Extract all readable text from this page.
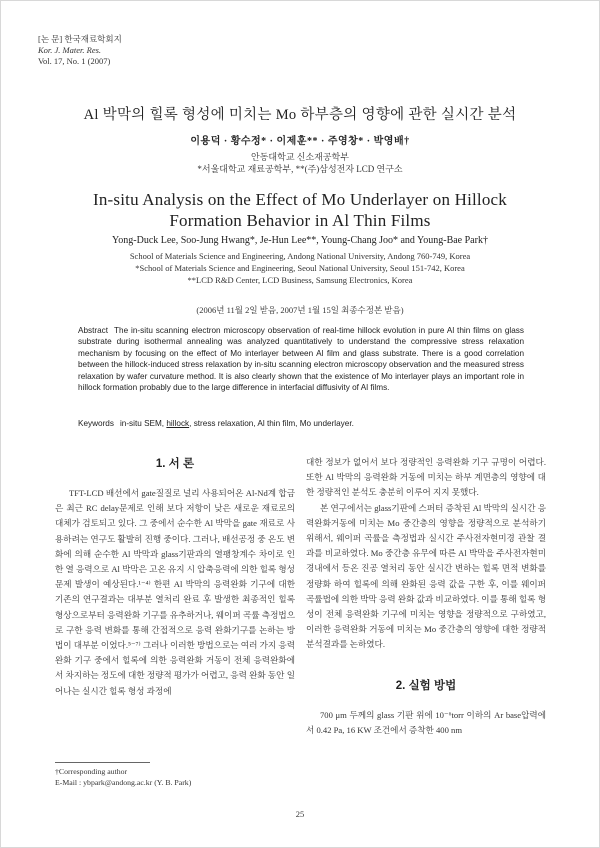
[논 문] 한국재료학회지
Kor. J. Mater. Res.
Vol. 17, No. 1 (2007)
Al 박막의 힐록 형성에 미치는 Mo 하부층의 영향에 관한 실시간 분석
이용덕 · 황수정* · 이제훈** · 주영창* · 박영배†
안동대학교 신소재공학부
*서울대학교 재료공학부, **(주)삼성전자 LCD 연구소
In-situ Analysis on the Effect of Mo Underlayer on Hillock
Formation Behavior in Al Thin Films
Yong-Duck Lee, Soo-Jung Hwang*, Je-Hun Lee**, Young-Chang Joo* and Young-Bae Park†
School of Materials Science and Engineering, Andong National University, Andong 760-749, Korea
*School of Materials Science and Engineering, Seoul National University, Seoul 151-742, Korea
**LCD R&D Center, LCD Business, Samsung Electronics, Korea
(2006년 11월 2일 받음, 2007년 1월 15일 최종수정본 받음)
Abstract The in-situ scanning electron microscopy observation of real-time hillock evolution in pure Al thin films on glass substrate during isothermal annealing was analyzed quantitatively to understand the compressive stress relaxation mechanism by focusing on the effect of Mo interlayer between Al film and glass substrate. There is a good correlation between the hillock-induced stress relaxation by in-situ scanning electron microscopy observation and the measured stress relaxation by wafer curvature method. It is also clearly shown that the existence of Mo interlayer plays an important role in hillock formation probably due to the large difference in interfacial diffusivity of Al films.
Keywords in-situ SEM, hillock, stress relaxation, Al thin film, Mo underlayer.
1. 서 론

TFT-LCD 배선에서 gate질질로 널리 사용되어온 Al-Nd계 합금은 최근 RC delay문제로 인해 보다 저항이 낮은 새로운 재료로의 대체가 검토되고 있다. 그 중에서 순수한 Al 박막을 gate 재료로 사용하려는 연구도 활발히 진행 중이다. 그러나, 배선공정 중 온도 변화에 의해 순수한 Al 박막과 glass기판과의 열팽창계수 차이로 인한 열 응력으로 Al 박막은 고온 유지 시 압축응력에 의한 힐록 형성 문제 발생이 예상된다.¹⁻⁴⁾ 한편 Al 박막의 응력완화 기구에 대한 기존의 연구결과는 대부분 열처리 완료 후 발생한 최종적인 힐록 형상으로부터 응력완화 기구를 유추하거나, 웨이퍼 곡률 측정법으로 구한 응력 변화를 통해 간접적으로 응력 완화기구를 논하는 방법이 대부분 이었다.⁵⁻⁷⁾ 그러나 이러한 방법으로는 여러 가지 응력완화 기구 중에서 힐록에 의한 응력완화 거동이 전체 응력완화에서 차지하는 정도에 대한 정량적 평가가 어렵고, 응력 완화 동안 일어나는 실시간 힐록 형성 과정에

대한 정보가 없어서 보다 정량적인 응력완화 기구 규명이 어렵다. 또한 Al 박막의 응력완화 거동에 미치는 하부 계면층의 영향에 대한 정량적인 분석도 충분히 이루어 지지 못했다.

본 연구에서는 glass기판에 스퍼터 증착된 Al 박막의 실시간 응력완화거동에 미치는 Mo 중간층의 영향을 정량적으로 분석하기 위해서, 웨이퍼 곡률을 측정법과 실시간 주사전자현미경 관찰 결과를 비교하였다. Mo 중간층 유무에 따른 Al 박막을 주사전자현미경내에서 등온 진공 열처리 동안 실시간 변하는 힐록 면적 변화를 정량화 하여 힐록에 의해 완화된 응력 값을 구한 후, 이를 웨이퍼 곡률법에 의한 박막 응력 완화 값과 비교하였다. 이를 통해 힐록 형성이 전체 응력완화 기구에 미치는 영향을 정량적으로 구하였고, 이러한 응력완화 거동에 미치는 Mo 중간층의 영향에 대한 정량적 분석결과를 논하였다.

2. 실험 방법

700 μm 두께의 glass 기판 위에 10⁻⁶torr 이하의 Ar base압력에서 0.42 Pa, 16 KW 조건에서 증착한 400 nm

†Corresponding author
E-Mail : ybpark@andong.ac.kr (Y. B. Park)
25
